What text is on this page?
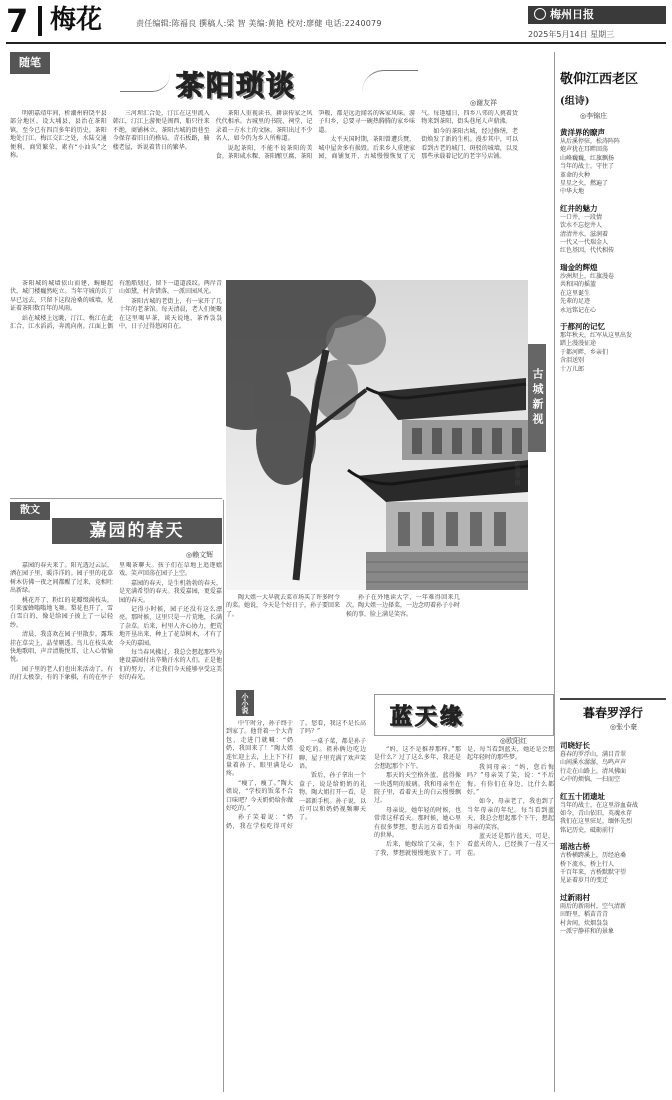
7 梅花	责任编辑:陈福良 撰稿人:梁 智 美编:黄艳 校对:廖健 电话:2240079
梅州日报
2025年5月14日 星期三
随笔
茶阳琐谈
◎谢友祥

明朝嘉靖年间，析潮州府饶平县部分地区，设大埔县，县治在茶阳镇，至今已有四百多年的历史。茶阳地处汀江、梅江交汇之处，水陆交通便利，商贸繁荣，素有“小汕头”之称。

三河坝汇合处，汀江在这里流入韩江，汀江上游便是闽西，船只往来不绝，商铺林立，茶阳古城的街巷至今保存着旧日的格局。青石板路，骑楼老屋，诉说着昔日的繁华。

茶阳人重视读书，耕读传家之风代代相承。古城里的书院、祠堂，记录着一方水土的文脉。茶阳出过不少名人，如今仍为乡人所称道。

说起茶阳，不能不说茶阳的美食。茶阳咸水粿、茶阳酿豆腐、茶阳笋粄，都是远近闻名的客家风味。游子归乡，总要寻一碗热腾腾的家乡味道。

太平天国时期，茶阳曾遭兵燹，城中屋舍多有损毁。后来乡人重建家园，商铺复开，古城慢慢恢复了元气。每逢墟日，四乡八邻的人挑着货物来到茶阳，街头巷尾人声鼎沸。

如今的茶阳古城，经过修缮，老街焕发了新的生机。漫步其中，可以看到古老的城门、斑驳的城墙，以及那些承载着记忆的老字号店铺。

茶阳城的城墙依山而建，蜿蜒起伏，城门楼巍然屹立。当年守城的兵丁早已远去，只留下这段沧桑的城墙，见证着茶阳数百年的风雨。

站在城楼上远眺，汀江、梅江在此汇合，江水滔滔，奔流向南。江面上偶有渔船划过，留下一道道波纹。两岸青山如黛，村舍错落，一派田园风光。

茶阳古城的老街上，有一家开了几十年的老茶馆。每天清晨，老人们便聚在这里喝早茶，谈天说地，茶香袅袅中，日子过得悠闲自在。

古城新视
廖智强 摄
敬仰江西老区
(组诗)
◎李锦庄
黄洋界的瞭声
从后溪停驻，松涛阵阵
炮声犹在耳畔回荡
山峰巍巍，红旗飘扬
当年的战士，守住了
革命的火种
星星之火，燃遍了
中华大地
红井的魅力
一口井，一段情
饮水不忘挖井人
清清井水，滋润着
一代又一代瑞金人
红色基因，代代相传
瑞金的辉煌
沙洲坝上，红旗漫卷
共和国的摇篮
在这里诞生
先辈的足迹
永远铭记在心
于都河的记忆
那年秋天，红军从这里出发
踏上漫漫征途
于都河畔，乡亲们
含泪送别
十万儿郎
散文
嘉园的春天
◎赖文辉

嘉园的春天来了。阳光透过云层，洒在园子里，暖洋洋的。园子里的花草树木仿佛一夜之间都醒了过来，竞相吐出新绿。

桃花开了，粉红的花瓣缀满枝头，引来蜜蜂嗡嗡地飞舞。梨花也开了，雪白雪白的，像是给园子披上了一层轻纱。

清晨，我喜欢在园子里散步。露珠挂在草尖上，晶莹剔透。鸟儿在枝头欢快地歌唱，声音清脆悦耳，让人心情愉悦。

园子里的老人们也出来活动了。有的打太极拳，有的下象棋，有的在亭子里喝茶聊天。孩子们在草地上追逐嬉戏，笑声回荡在园子上空。

嘉园的春天，是生机勃勃的春天，是充满希望的春天。我爱嘉园，更爱嘉园的春天。

记得小时候，园子还没有这么漂亮。那时候，这里只是一片荒地，长满了杂草。后来，村里人齐心协力，把荒地开垦出来，种上了花草树木，才有了今天的嘉园。

每当春风拂过，我总会想起那些为建设嘉园付出辛勤汗水的人们。正是他们的努力，才让我们今天能够享受这美好的春光。

陶大姐一大早就去菜市场买了许多时令的菜。她说，今天是个好日子，孙子要回来了。

孙子在外地读大学，一年难得回来几次。陶大姐一边择菜，一边念叨着孙子小时候的事，脸上满是笑容。

小小说

中午时分，孙子终于到家了。他背着一个大背包，走进门就喊：“奶奶，我回来了！”陶大姐连忙迎上去，上上下下打量着孙子，眼里满是心疼。

“瘦了，瘦了。”陶大姐说，“学校的饭菜不合口味吧？今天奶奶给你做好吃的。”

孙子笑着说：“奶奶，我在学校吃得可好了。您看，我这不是长高了吗？”

一桌子菜，都是孙子爱吃的。祖孙俩边吃边聊，屋子里充满了欢声笑语。

饭后，孙子拿出一个盒子，说是给奶奶的礼物。陶大姐打开一看，是一部新手机。孙子说，以后可以和奶奶视频聊天了。

蓝天缘
◎欧阳红

“妈，这不是推荐那样。”那是什么？过了这么多年，我还是会想起那个下午。

那天的天空格外蓝，蓝得像一块透明的玻璃。我和母亲坐在院子里，看着天上的白云慢慢飘过。

母亲说，她年轻的时候，也常常这样看天。那时候，她心里有很多梦想，想去远方看看外面的世界。

后来，她嫁给了父亲，生下了我，梦想就慢慢地放下了。可是，每当看到蓝天，她还是会想起年轻时的那些梦。

我问母亲：“妈，您后悔吗？”母亲笑了笑，说：“不后悔。有你们在身边，比什么都好。”

如今，母亲老了，我也到了当年母亲的年纪。每当看到蓝天，我总会想起那个下午，想起母亲的笑容。

蓝天还是那片蓝天，可是，看蓝天的人，已经换了一茬又一茬。

暮春罗浮行
◎张小豪
司晓好长
暮春的罗浮山，满目青翠
山间溪水潺潺，鸟鸣声声
行走在山路上，清风拂面
心中的烦恼，一扫而空
红五十团遗址
当年的战士，在这里浴血奋战
如今，青山依旧，英魂永存
我们在这里驻足，缅怀先烈
铭记历史，砥砺前行
瑶池古桥
古桥横跨溪上，历经沧桑
桥下流水，桥上行人
千百年来，古桥默默守望
见证着岁月的变迁
过新雨村
雨后的新雨村，空气清新
田野里，稻苗青青
村舍间，炊烟袅袅
一派宁静祥和的景象
